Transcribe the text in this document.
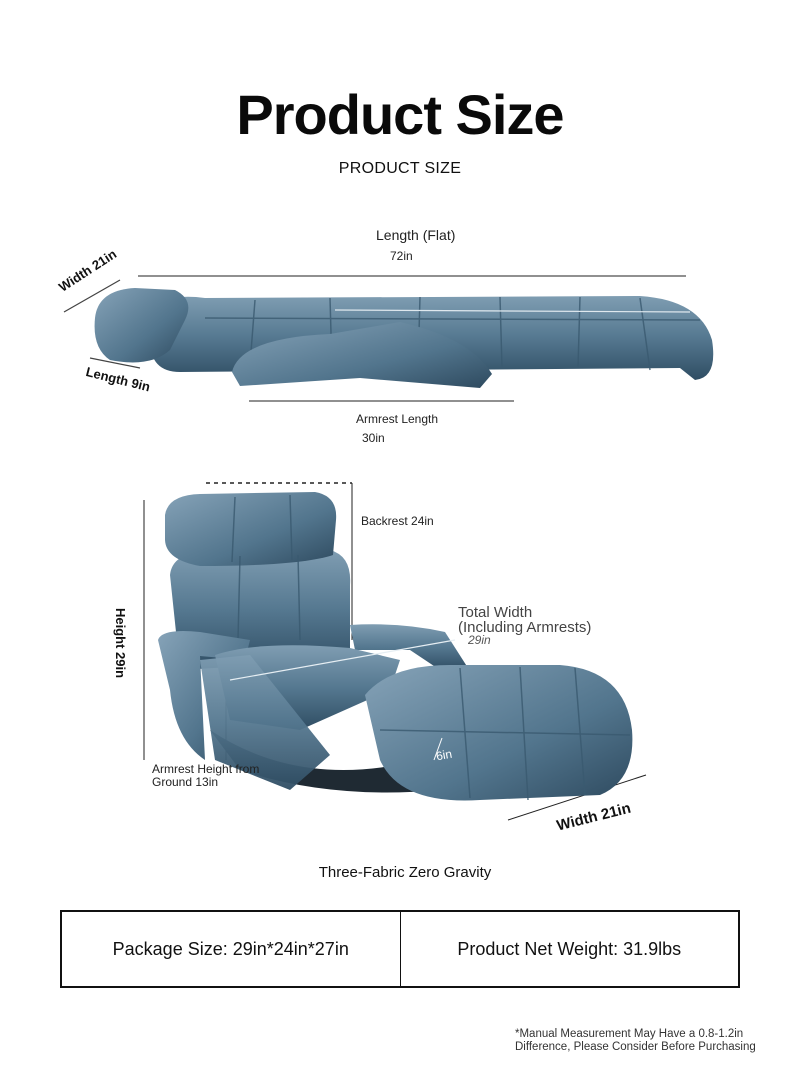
Product Size
PRODUCT SIZE
Length (Flat)
72in
Width 21in
Length 9in
Armrest Length
30in
Backrest 24in
Height 29in	Total Width
(Including Armrests)
29in
6in
Armrest Height from
Ground 13in
Width 21in
Three-Fabric Zero Gravity
Package Size: 29in*24in*27in	Product Net Weight: 31.9lbs
*Manual Measurement May Have a 0.8-1.2in
Difference, Please Consider Before Purchasing
